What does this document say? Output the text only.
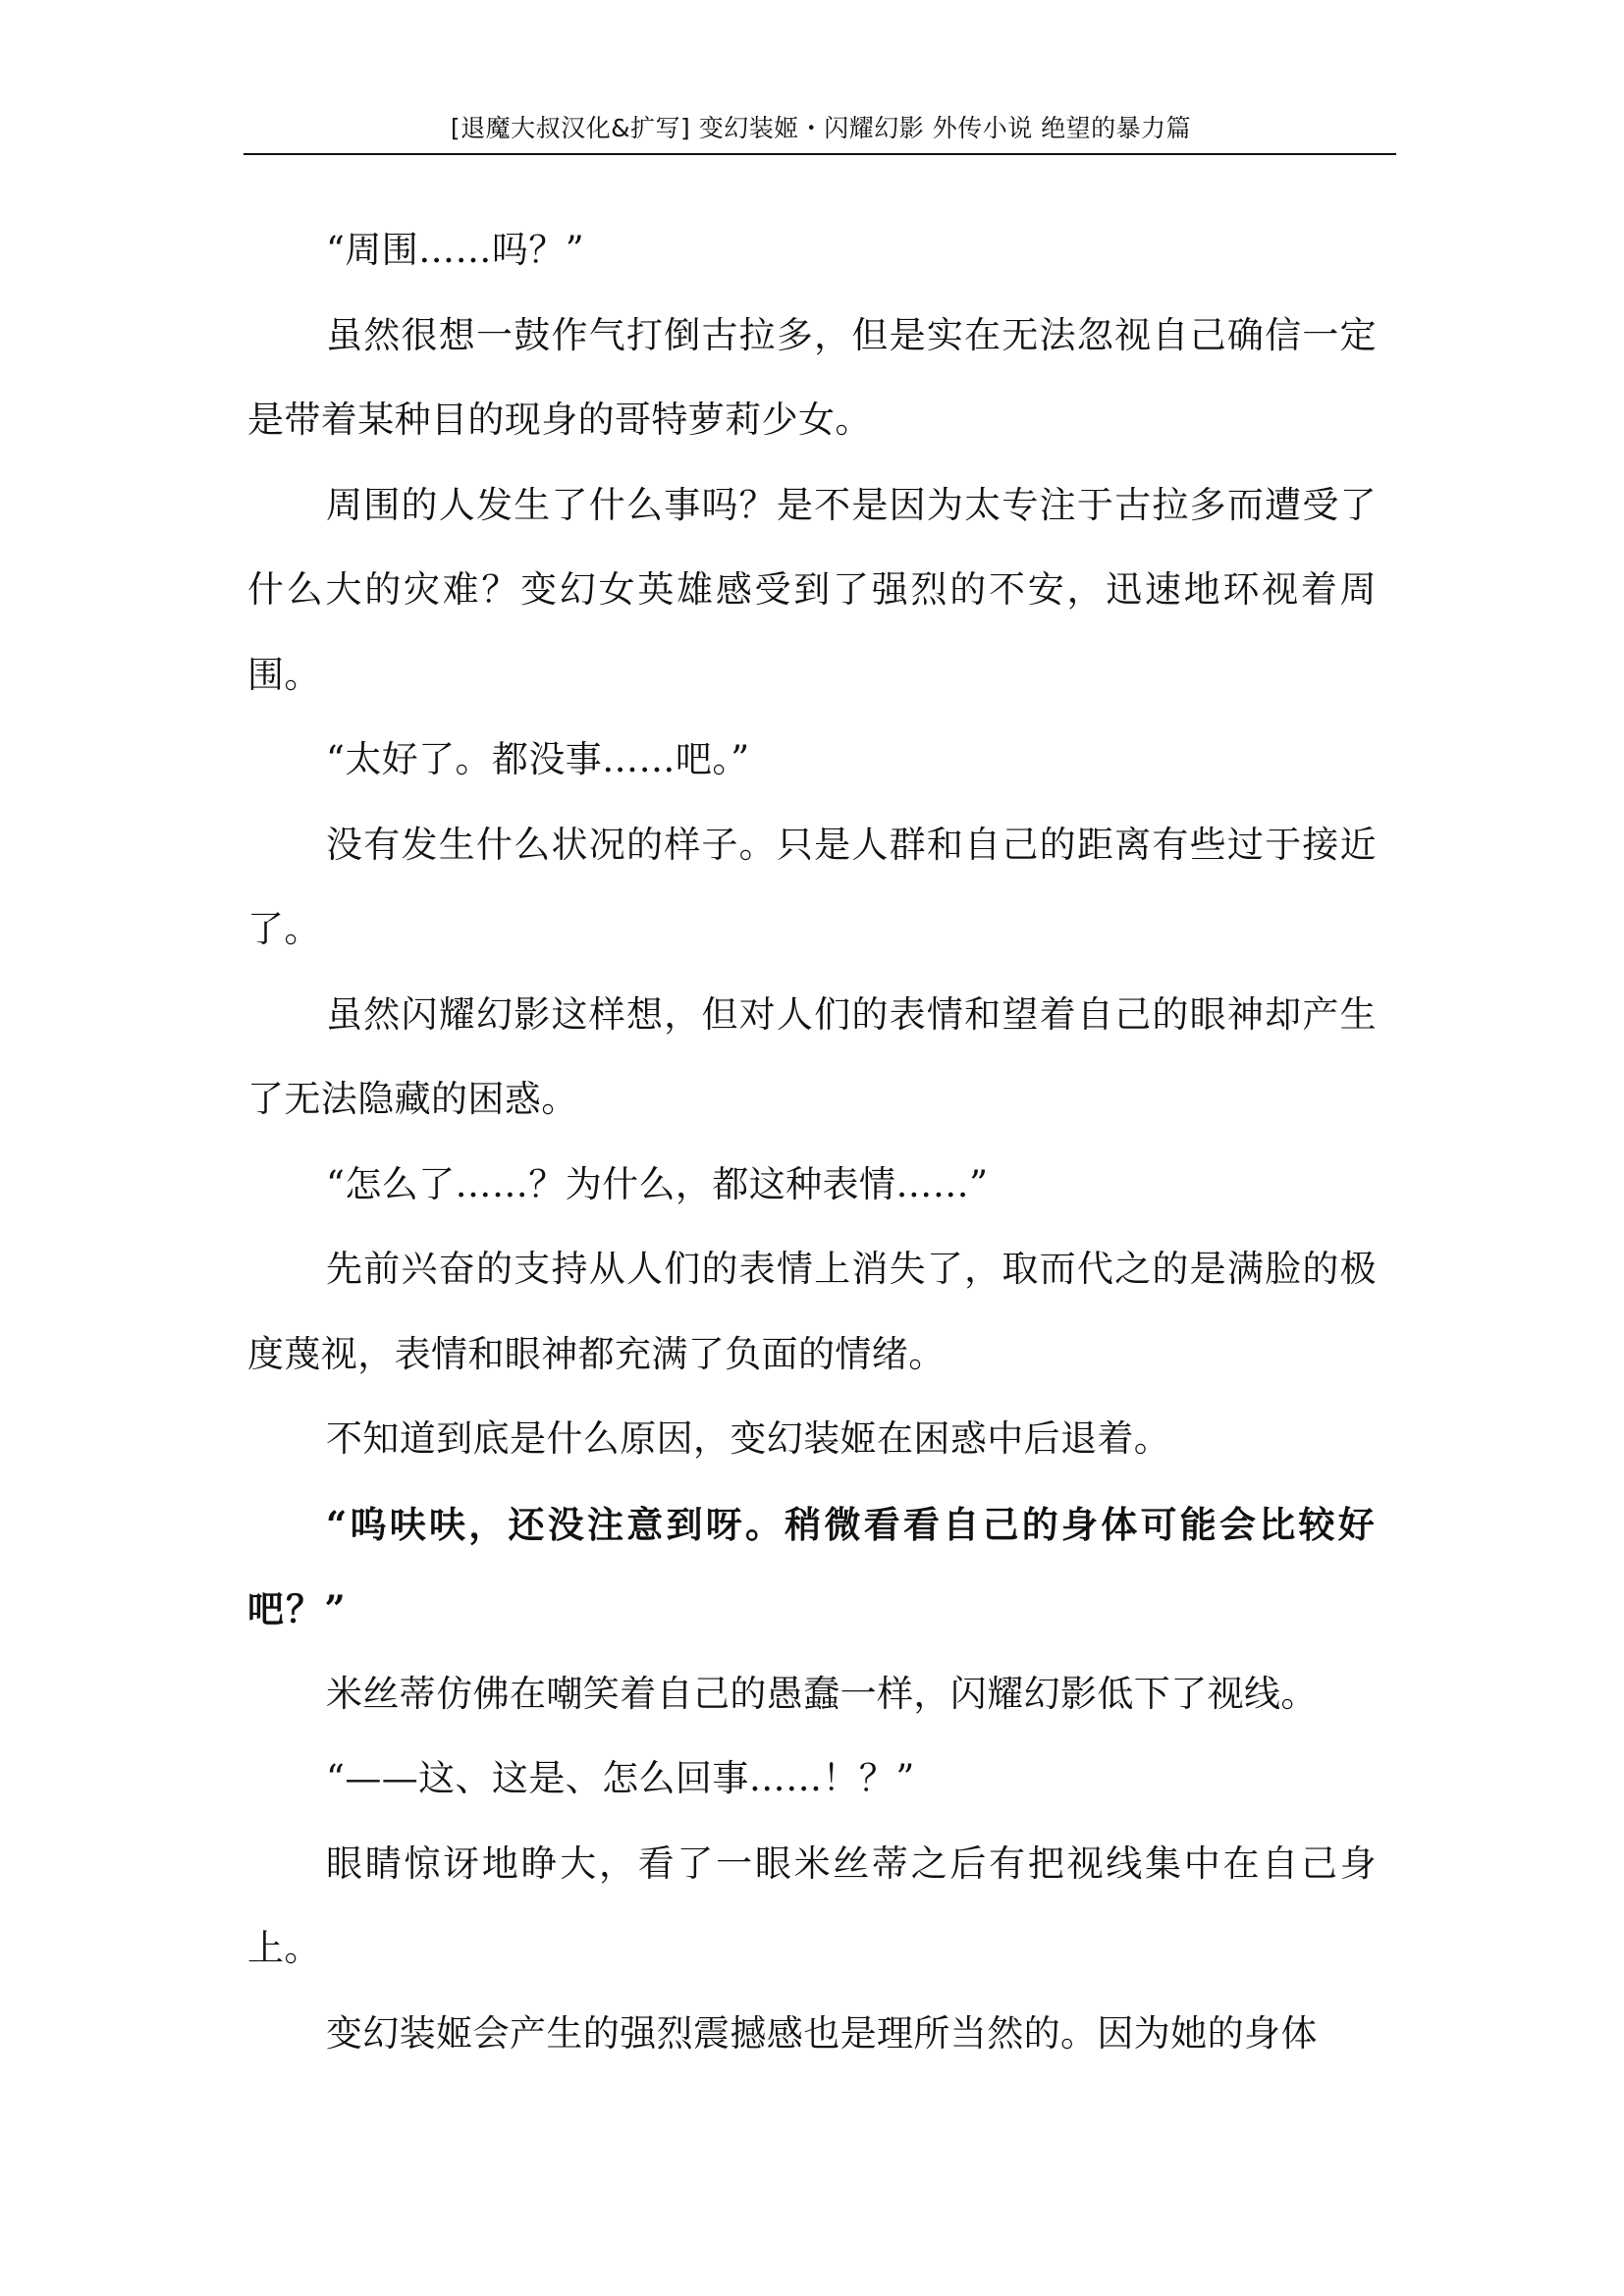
[退魔大叔汉化&扩写] 变幻装姬・闪耀幻影 外传小说 绝望的暴力篇

“周围……吗？”

虽然很想一鼓作气打倒古拉多，但是实在无法忽视自己确信一定是带着某种目的现身的哥特萝莉少女。

周围的人发生了什么事吗？是不是因为太专注于古拉多而遭受了什么大的灾难？变幻女英雄感受到了强烈的不安，迅速地环视着周围。

“太好了。都没事……吧。”

没有发生什么状况的样子。只是人群和自己的距离有些过于接近了。

虽然闪耀幻影这样想，但对人们的表情和望着自己的眼神却产生了无法隐藏的困惑。

“怎么了……？为什么，都这种表情……”

先前兴奋的支持从人们的表情上消失了，取而代之的是满脸的极度蔑视，表情和眼神都充满了负面的情绪。

不知道到底是什么原因，变幻装姬在困惑中后退着。

“呜呋呋，还没注意到呀。稍微看看自己的身体可能会比较好吧？”

米丝蒂仿佛在嘲笑着自己的愚蠢一样，闪耀幻影低下了视线。

“——这、这是、怎么回事……！？”

眼睛惊讶地睁大，看了一眼米丝蒂之后有把视线集中在自己身上。

变幻装姬会产生的强烈震撼感也是理所当然的。因为她的身体
